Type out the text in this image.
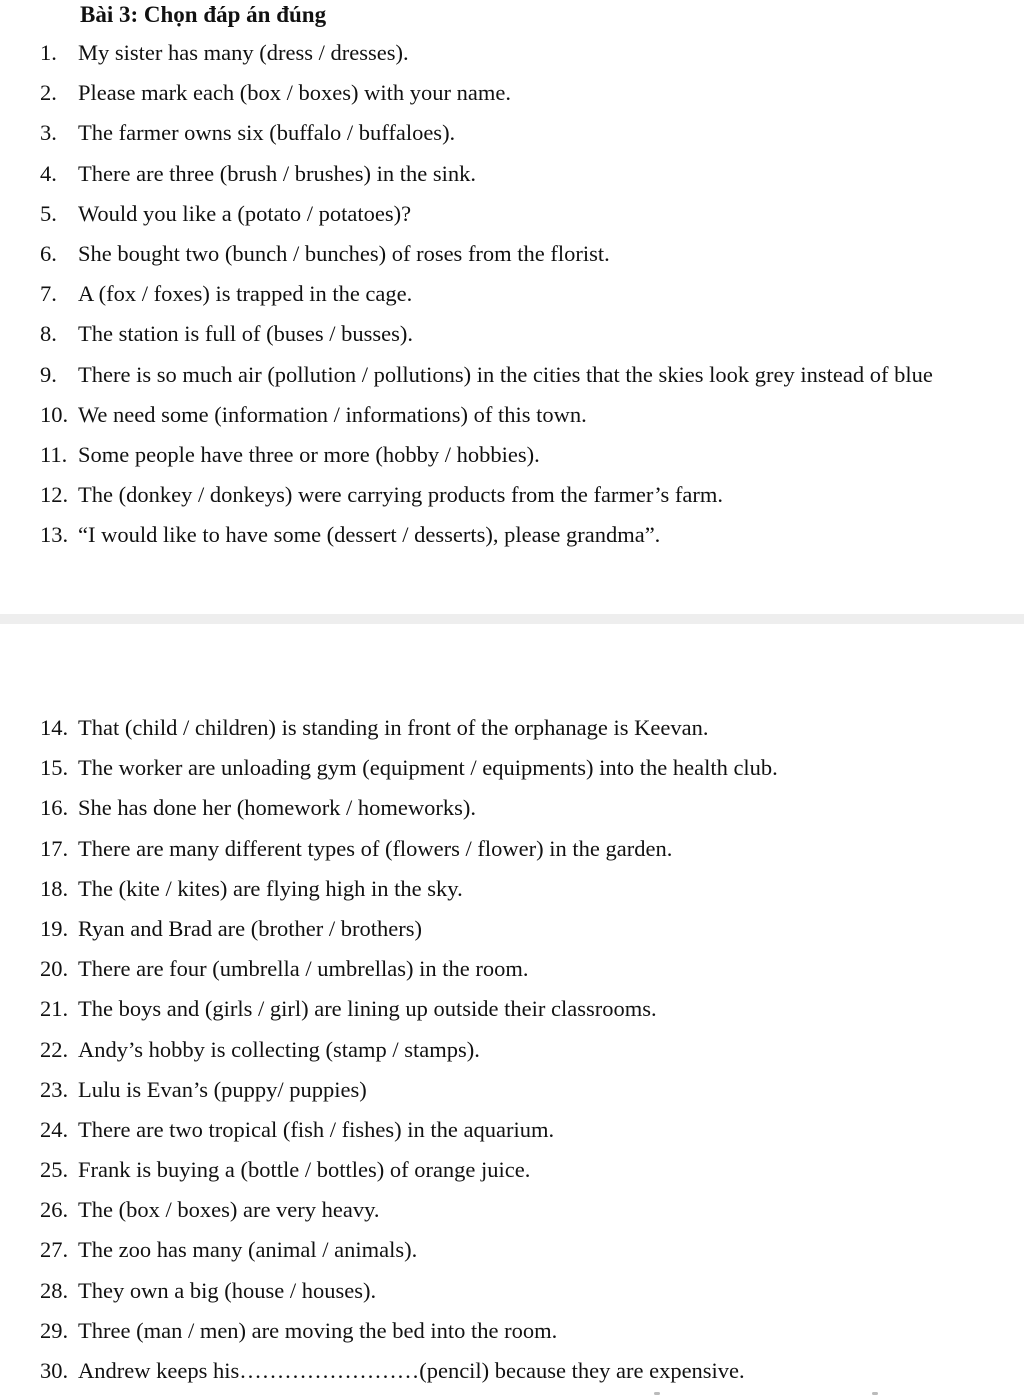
Bài 3: Chọn đáp án đúng
1. My sister has many (dress / dresses).
2. Please mark each (box / boxes) with your name.
3. The farmer owns six (buffalo / buffaloes).
4. There are three (brush / brushes) in the sink.
5. Would you like a (potato / potatoes)?
6. She bought two (bunch / bunches) of roses from the florist.
7. A (fox / foxes) is trapped in the cage.
8. The station is full of (buses / busses).
9. There is so much air (pollution / pollutions) in the cities that the skies look grey instead of blue
10. We need some (information / informations) of this town.
11. Some people have three or more (hobby / hobbies).
12. The (donkey / donkeys) were carrying products from the farmer’s farm.
13. “I would like to have some (dessert / desserts), please grandma”.
14. That (child / children) is standing in front of the orphanage is Keevan.
15. The worker are unloading gym (equipment / equipments) into the health club.
16. She has done her (homework / homeworks).
17. There are many different types of (flowers / flower) in the garden.
18. The (kite / kites) are flying high in the sky.
19. Ryan and Brad are (brother / brothers)
20. There are four (umbrella / umbrellas) in the room.
21. The boys and (girls / girl) are lining up outside their classrooms.
22. Andy’s hobby is collecting (stamp / stamps).
23. Lulu is Evan’s (puppy/ puppies)
24. There are two tropical (fish / fishes) in the aquarium.
25. Frank is buying a (bottle / bottles) of orange juice.
26. The (box / boxes) are very heavy.
27. The zoo has many (animal / animals).
28. They own a big (house / houses).
29. Three (man / men) are moving the bed into the room.
30. Andrew keeps his……………………(pencil) because they are expensive.
